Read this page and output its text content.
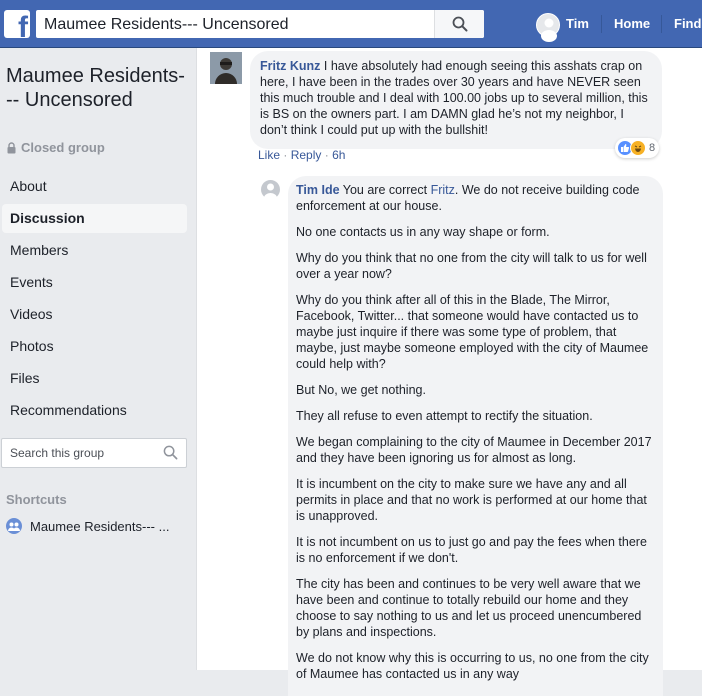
f Maumee Residents--- Uncensored	Tim Home Find
Maumee Residents--- Uncensored
Closed group
About
Discussion
Members
Events
Videos
Photos
Files
Recommendations
Search this group
Shortcuts
Maumee Residents--- ...
Fritz Kunz I have absolutely had enough seeing this asshats crap on here, I have been in the trades over 30 years and have NEVER seen this much trouble and I deal with 100.00 jobs up to several million, this is BS on the owners part. I am DAMN glad he’s not my neighbor, I don’t think I could put up with the bullshit!
8
Like · Reply · 6h

Tim Ide You are correct Fritz. We do not receive building code enforcement at our house.

No one contacts us in any way shape or form.

Why do you think that no one from the city will talk to us for well over a year now?

Why do you think after all of this in the Blade, The Mirror, Facebook, Twitter... that someone would have contacted us to maybe just inquire if there was some type of problem, that maybe, just maybe someone employed with the city of Maumee could help with?

But No, we get nothing.

They all refuse to even attempt to rectify the situation.

We began complaining to the city of Maumee in December 2017 and they have been ignoring us for almost as long.

It is incumbent on the city to make sure we have any and all permits in place and that no work is performed at our home that is unapproved.

It is not incumbent on us to just go and pay the fees when there is no enforcement if we don't.

The city has been and continues to be very well aware that we have been and continue to totally rebuild our home and they choose to say nothing to us and let us proceed unencumbered by plans and inspections.

We do not know why this is occurring to us, no one from the city of Maumee has contacted us in any way
